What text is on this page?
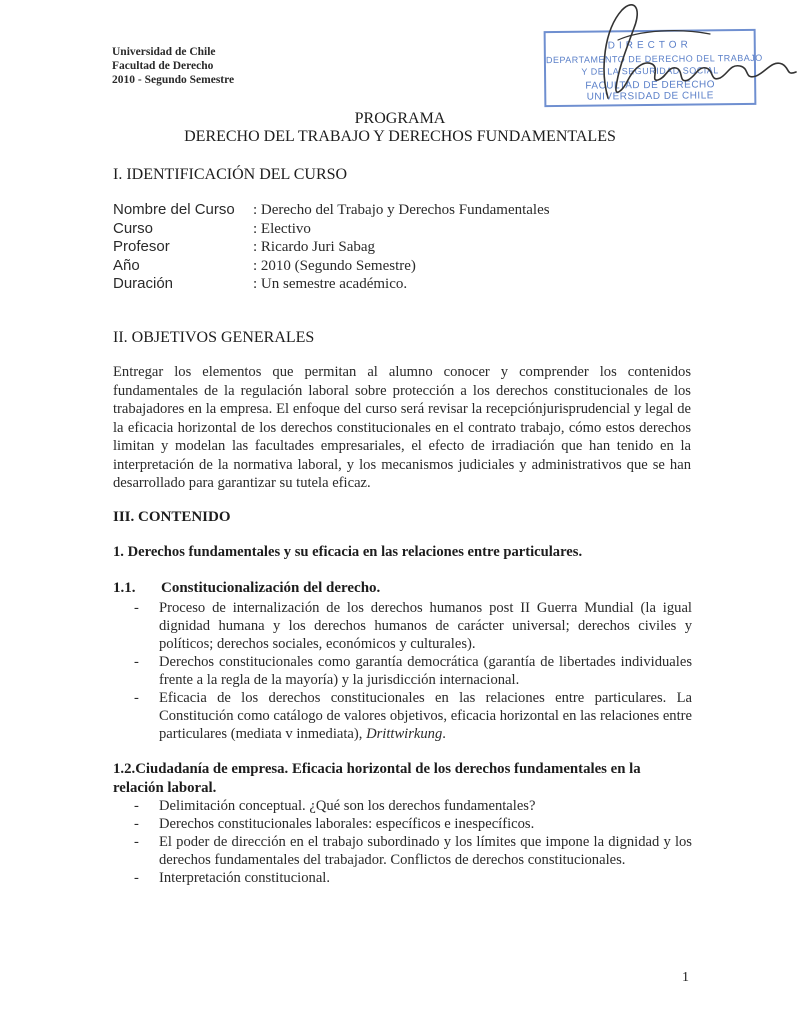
Universidad de Chile
Facultad de Derecho
2010 - Segundo Semestre
DIRECTOR
DEPARTAMENTO DE DERECHO DEL TRABAJO
Y DE LA SEGURIDAD SOCIAL
FACULTAD DE DERECHO
UNIVERSIDAD DE CHILE
PROGRAMA
DERECHO DEL TRABAJO Y DERECHOS FUNDAMENTALES
I. IDENTIFICACIÓN DEL CURSO
Nombre del Curso	: Derecho del Trabajo y Derechos Fundamentales
Curso	: Electivo
Profesor	: Ricardo Juri Sabag
Año	: 2010 (Segundo Semestre)
Duración	: Un semestre académico.
II. OBJETIVOS GENERALES

Entregar los elementos que permitan al alumno conocer y comprender los contenidos fundamentales de la regulación laboral sobre protección a los derechos constitucionales de los trabajadores en la empresa. El enfoque del curso será revisar la recepciónjurisprudencial y legal de la eficacia horizontal de los derechos constitucionales en el contrato trabajo, cómo estos derechos limitan y modelan las facultades empresariales, el efecto de irradiación que han tenido en la interpretación de la normativa laboral, y los mecanismos judiciales y administrativos que se han desarrollado para garantizar su tutela eficaz.

III. CONTENIDO
1. Derechos fundamentales y su eficacia en las relaciones entre particulares.
1.1. Constitucionalización del derecho.
- Proceso de internalización de los derechos humanos post II Guerra Mundial (la igual dignidad humana y los derechos humanos de carácter universal; derechos civiles y políticos; derechos sociales, económicos y culturales).
- Derechos constitucionales como garantía democrática (garantía de libertades individuales frente a la regla de la mayoría) y la jurisdicción internacional.
- Eficacia de los derechos constitucionales en las relaciones entre particulares. La Constitución como catálogo de valores objetivos, eficacia horizontal en las relaciones entre particulares (mediata v inmediata), Drittwirkung.
1.2.Ciudadanía de empresa. Eficacia horizontal de los derechos fundamentales en la relación laboral.
- Delimitación conceptual. ¿Qué son los derechos fundamentales?
- Derechos constitucionales laborales: específicos e inespecíficos.
- El poder de dirección en el trabajo subordinado y los límites que impone la dignidad y los derechos fundamentales del trabajador. Conflictos de derechos constitucionales.
- Interpretación constitucional.
1
